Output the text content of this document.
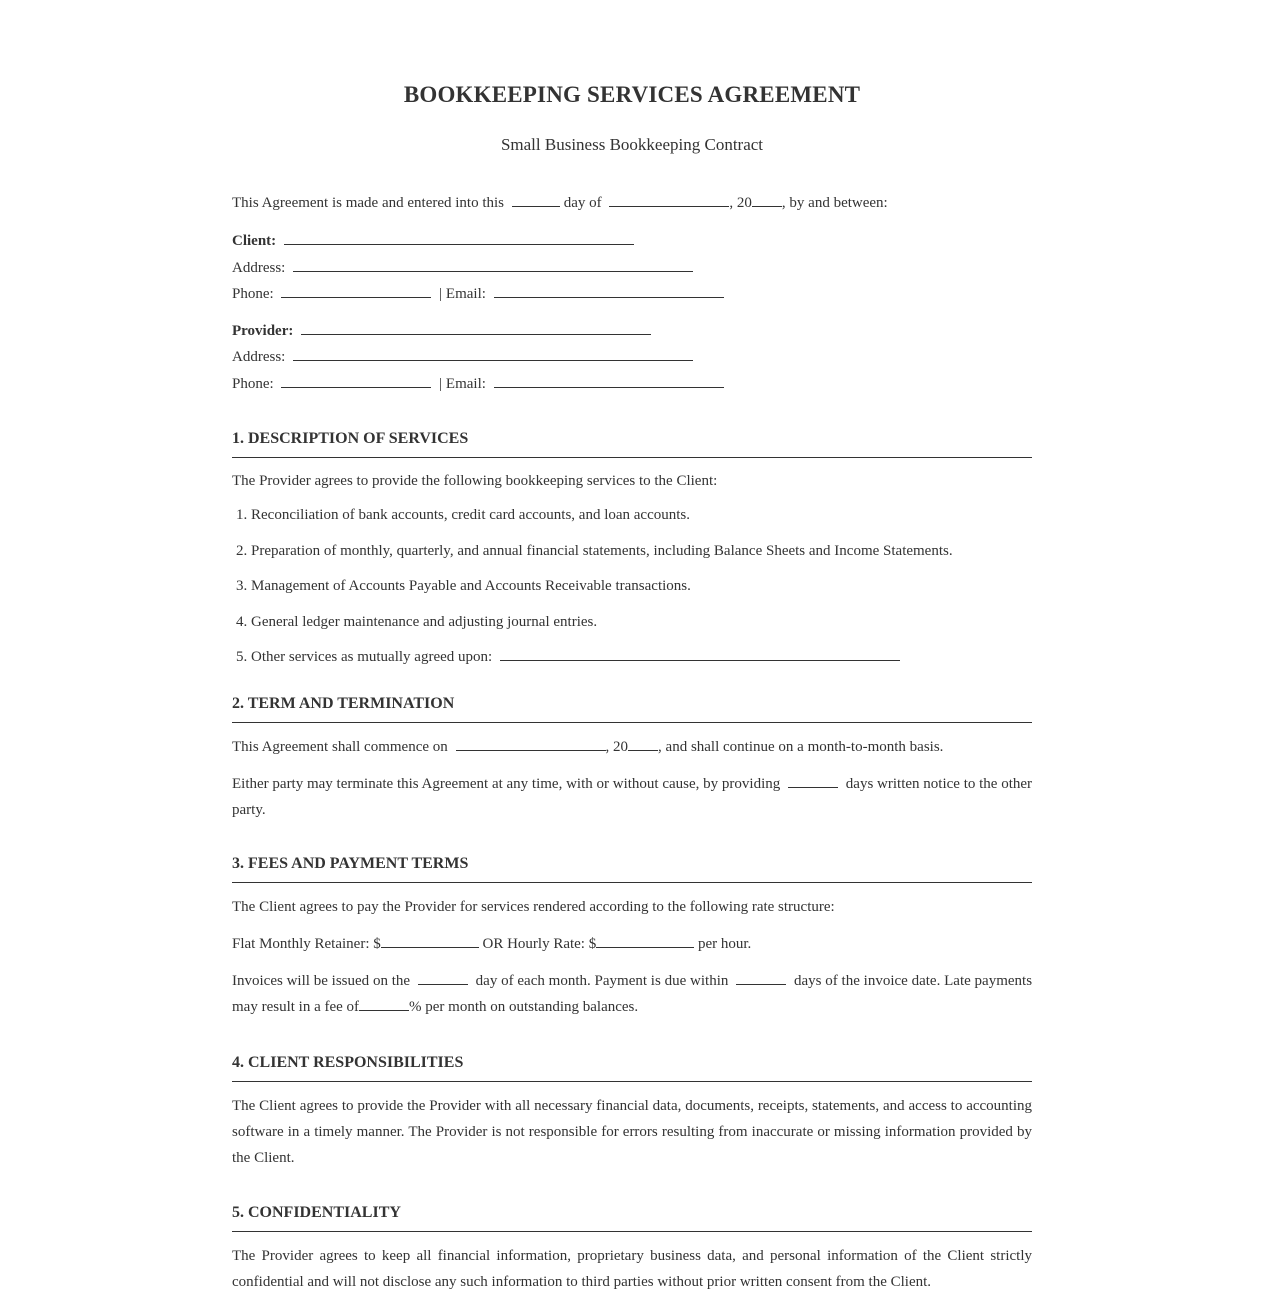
BOOKKEEPING SERVICES AGREEMENT
Small Business Bookkeeping Contract
This Agreement is made and entered into this	day of	, 20 , by and between:
Client:
Address:
Phone:	| Email:
Provider:
Address:
Phone:	| Email:
1. DESCRIPTION OF SERVICES
The Provider agrees to provide the following bookkeeping services to the Client:
1. Reconciliation of bank accounts, credit card accounts, and loan accounts.
2. Preparation of monthly, quarterly, and annual financial statements, including Balance Sheets and Income Statements.
3. Management of Accounts Payable and Accounts Receivable transactions.
4. General ledger maintenance and adjusting journal entries.
5. Other services as mutually agreed upon:
2. TERM AND TERMINATION
This Agreement shall commence on	, 20 , and shall continue on a month-to-month basis.
Either party may terminate this Agreement at any time, with or without cause, by providing	days written notice to the other party.
3. FEES AND PAYMENT TERMS
The Client agrees to pay the Provider for services rendered according to the following rate structure:
Flat Monthly Retainer: $	OR Hourly Rate: $	per hour.
Invoices will be issued on the	day of each month. Payment is due within	days of the invoice date. Late payments may result in a fee of	% per month on outstanding balances.
4. CLIENT RESPONSIBILITIES
The Client agrees to provide the Provider with all necessary financial data, documents, receipts, statements, and access to accounting software in a timely manner. The Provider is not responsible for errors resulting from inaccurate or missing information provided by the Client.
5. CONFIDENTIALITY
The Provider agrees to keep all financial information, proprietary business data, and personal information of the Client strictly confidential and will not disclose any such information to third parties without prior written consent from the Client.
